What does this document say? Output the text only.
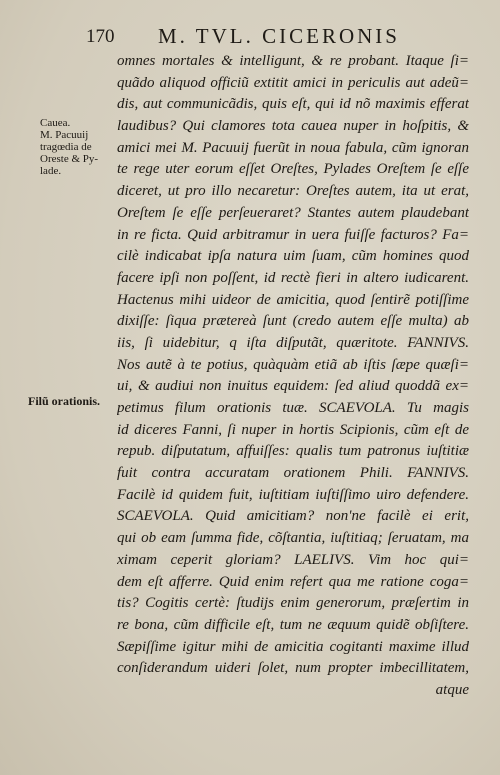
170 M. TVL. CICERONIS
Cauea.
M. Pacuuij
tragœdia de
Oreste & Py-
lade.
Filũ orationis.
omnes mortales & intelligunt, & re probant. Itaque ſi=
quãdo aliquod officiũ extitit amici in periculis aut adeũ=
dis, aut communicãdis, quis eſt, qui id nõ maximis efferat
laudibus? Qui clamores tota cauea nuper in hoſpitis, &
amici mei M. Pacuuij fuerũt in noua fabula, cũm ignoran
te rege uter eorum eſſet Oreſtes, Pylades Oreſtem ſe eſſe
diceret, ut pro illo necaretur: Oreſtes autem, ita ut erat,
Oreſtem ſe eſſe perſeueraret? Stantes autem plaudebant
in re ficta. Quid arbitramur in uera fuiſſe facturos? Fa=
cilè indicabat ipſa natura uim ſuam, cũm homines quod
facere ipſi non poſſent, id rectè fieri in altero iudicarent.
Hactenus mihi uideor de amicitia, quod ſentirẽ potiſſime
dixiſſe: ſiqua prætereà ſunt (credo autem eſſe multa) ab
iis, ſi uidebitur, q iſta diſputãt, quæritote. FANNIVS.
Nos autẽ à te potius, quàquàm etiã ab iſtis ſæpe quæſi=
ui, & audiui non inuitus equidem: ſed aliud quoddã ex=
petimus filum orationis tuæ. SCAEVOLA. Tu magis
id diceres Fanni, ſi nuper in hortis Scipionis, cũm eſt de
repub. diſputatum, affuiſſes: qualis tum patronus iuſtitiæ
fuit contra accuratam orationem Phili. FANNIVS.
Facilè id quidem fuit, iuſtitiam iuſtiſſimo uiro defendere.
SCAEVOLA. Quid amicitiam? non'ne facilè ei erit,
qui ob eam ſumma fide, cõſtantia, iuſtitiaq; ſeruatam, ma
ximam ceperit gloriam? LAELIVS. Vim hoc qui=
dem eſt afferre. Quid enim refert qua me ratione coga=
tis? Cogitis certè: ſtudijs enim generorum, præſertim in
re bona, cũm difficile eſt, tum ne æquum quidẽ obſiſtere.
Sæpiſſime igitur mihi de amicitia cogitanti maxime illud
conſiderandum uideri ſolet, num propter imbecillitatem,
atque
